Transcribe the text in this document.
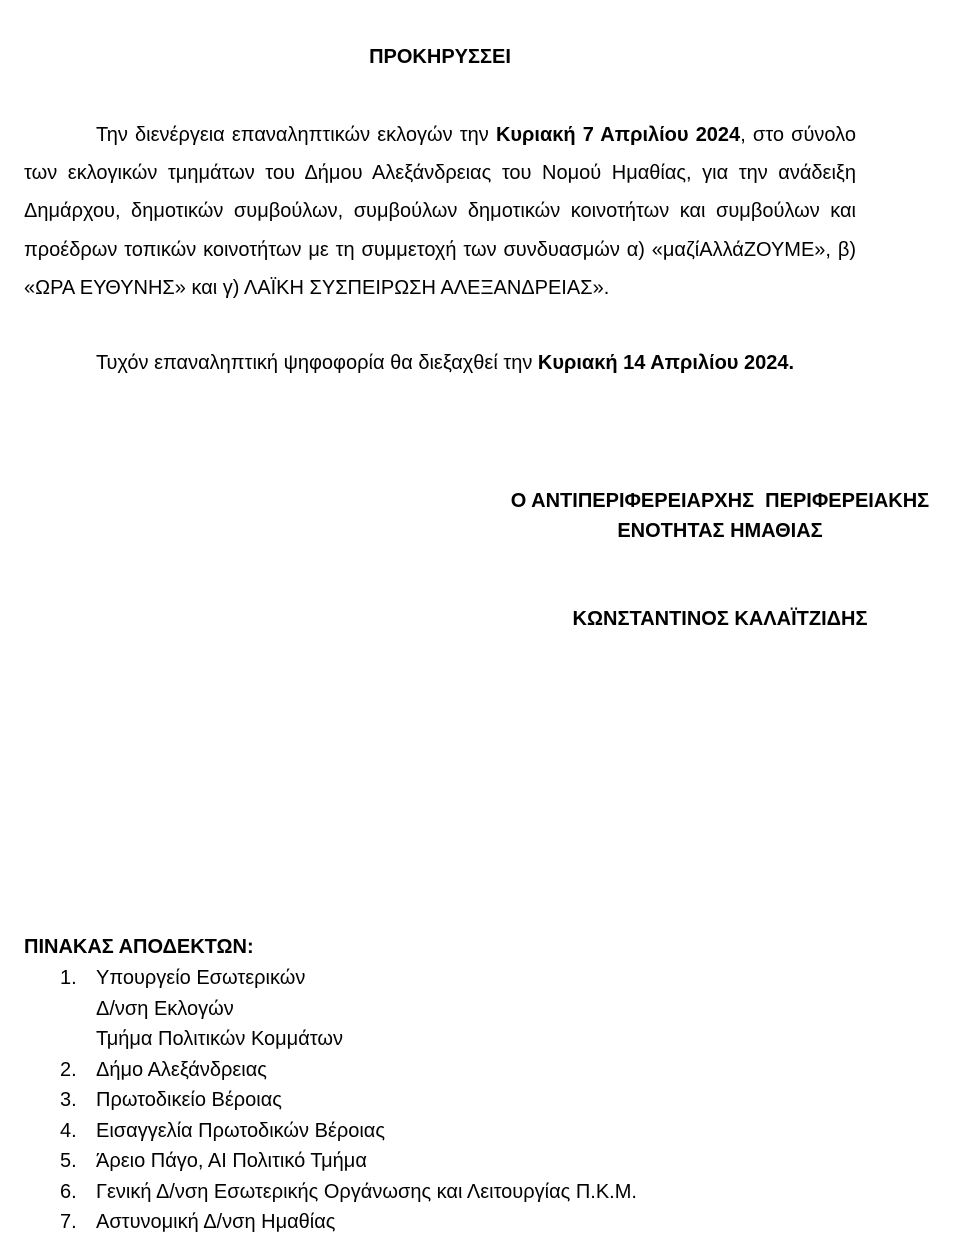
ΠΡΟΚΗΡΥΣΣΕΙ

Την διενέργεια επαναληπτικών εκλογών την Κυριακή 7 Απριλίου 2024, στο σύνολο των εκλογικών τμημάτων του Δήμου Αλεξάνδρειας του Νομού Ημαθίας, για την ανάδειξη Δημάρχου, δημοτικών συμβούλων, συμβούλων δημοτικών κοινοτήτων και συμβούλων και προέδρων τοπικών κοινοτήτων με τη συμμετοχή των συνδυασμών α) «μαζίΑλλάΖΟΥΜΕ», β) «ΩΡΑ ΕΥΘΥΝΗΣ» και γ) ΛΑΪΚΗ ΣΥΣΠΕΙΡΩΣΗ ΑΛΕΞΑΝΔΡΕΙΑΣ».

Τυχόν επαναληπτική ψηφοφορία θα διεξαχθεί την Κυριακή 14 Απριλίου 2024.

Ο ΑΝΤΙΠΕΡΙΦΕΡΕΙΑΡΧΗΣ  ΠΕΡΙΦΕΡΕΙΑΚΗΣ
ΕΝΟΤΗΤΑΣ ΗΜΑΘΙΑΣ
ΚΩΝΣΤΑΝΤΙΝΟΣ ΚΑΛΑΪΤΖΙΔΗΣ
ΠΙΝΑΚΑΣ ΑΠΟΔΕΚΤΩΝ:
1. Υπουργείο Εσωτερικών
Δ/νση Εκλογών
Τμήμα Πολιτικών Κομμάτων
2. Δήμο Αλεξάνδρειας
3. Πρωτοδικείο Βέροιας
4. Εισαγγελία Πρωτοδικών Βέροιας
5. Άρειο Πάγο, ΑΙ Πολιτικό Τμήμα
6. Γενική Δ/νση Εσωτερικής Οργάνωσης και Λειτουργίας Π.Κ.Μ.
7. Αστυνομική Δ/νση Ημαθίας
